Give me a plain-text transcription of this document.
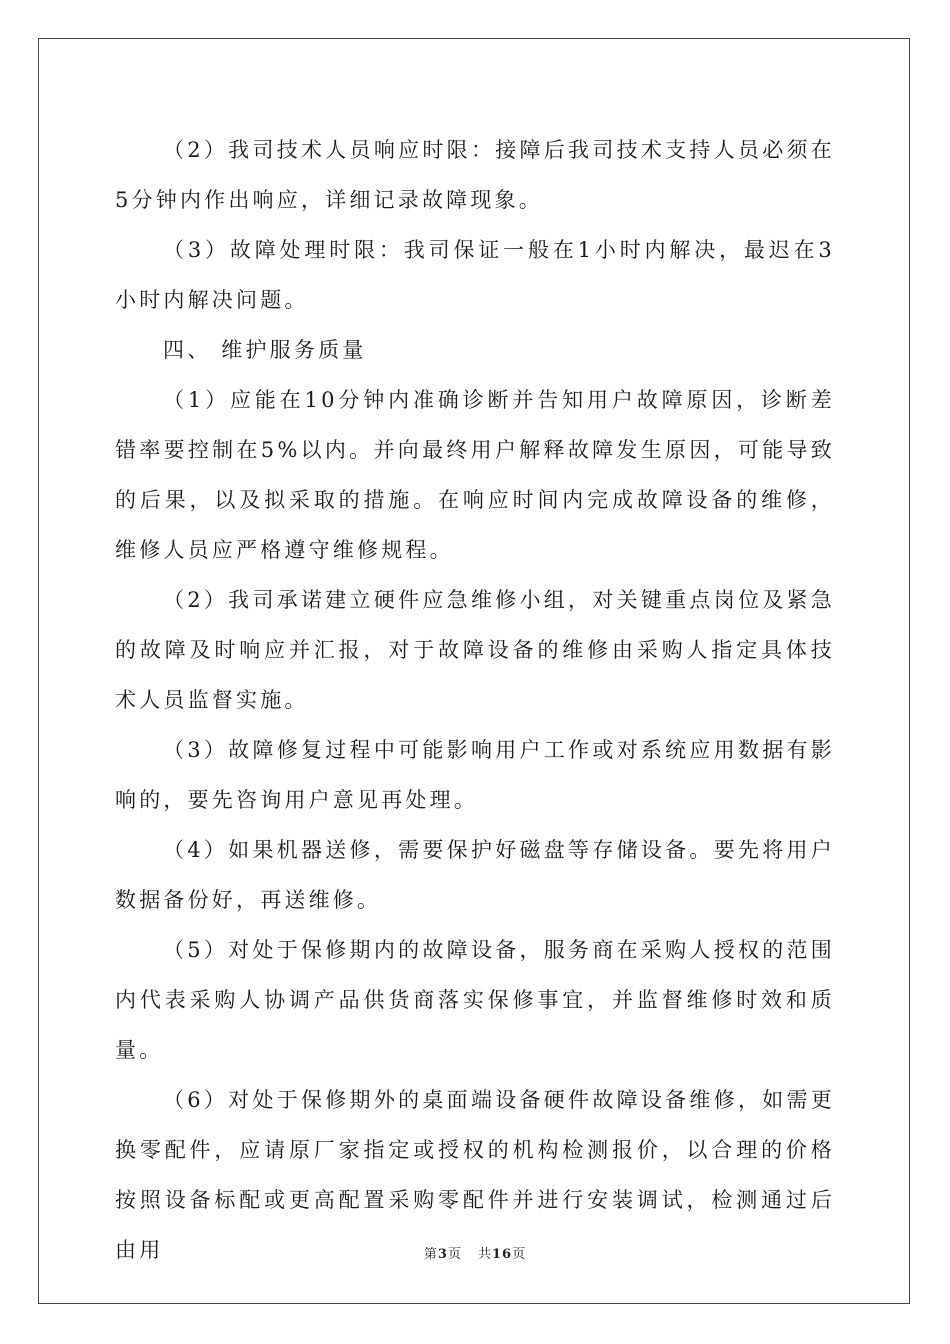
（2）我司技术人员响应时限：接障后我司技术支持人员必须在5分钟内作出响应，详细记录故障现象。

（3）故障处理时限：我司保证一般在1小时内解决，最迟在3小时内解决问题。

四、 维护服务质量

（1）应能在10分钟内准确诊断并告知用户故障原因，诊断差错率要控制在5%以内。并向最终用户解释故障发生原因，可能导致的后果，以及拟采取的措施。在响应时间内完成故障设备的维修，维修人员应严格遵守维修规程。

（2）我司承诺建立硬件应急维修小组，对关键重点岗位及紧急的故障及时响应并汇报，对于故障设备的维修由采购人指定具体技术人员监督实施。

（3）故障修复过程中可能影响用户工作或对系统应用数据有影响的，要先咨询用户意见再处理。

（4）如果机器送修，需要保护好磁盘等存储设备。要先将用户数据备份好，再送维修。

（5）对处于保修期内的故障设备，服务商在采购人授权的范围内代表采购人协调产品供货商落实保修事宜，并监督维修时效和质量。

（6）对处于保修期外的桌面端设备硬件故障设备维修，如需更换零配件，应请原厂家指定或授权的机构检测报价，以合理的价格按照设备标配或更高配置采购零配件并进行安装调试，检测通过后由用	第3页 共16页
